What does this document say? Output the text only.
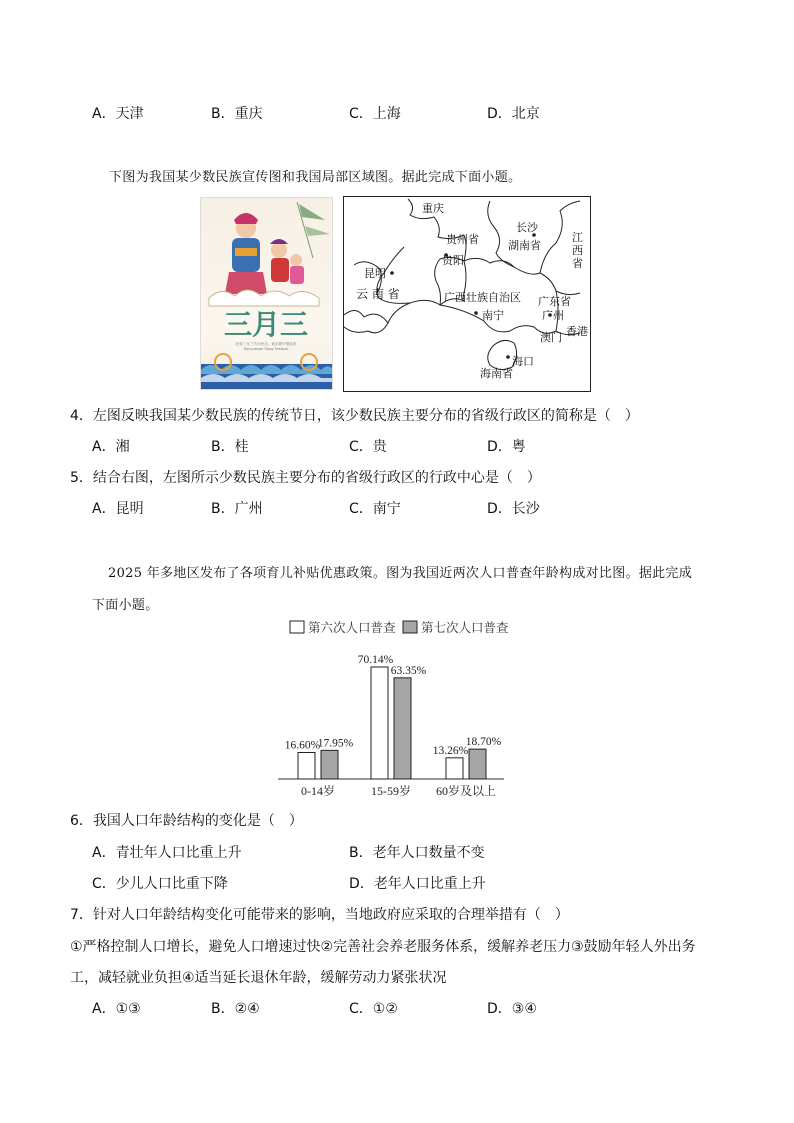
A．天津	B．重庆	C．上海	D．北京
下图为我国某少数民族宣传图和我国局部区域图。据此完成下面小题。
三月三
壮族三月三节日快乐，欢乐歌圩唱起来
Sanyuesan Song Festival
重庆
贵州省
贵阳
长沙
湖南省
江
西
省
昆明
云 南 省	广西壮族自治区 广东省
南宁	广州
香港
澳门
海口
海南省
4．左图反映我国某少数民族的传统节日，该少数民族主要分布的省级行政区的简称是（　）
A．湘	B．桂	C．贵	D．粤
5．结合右图，左图所示少数民族主要分布的省级行政区的行政中心是（　）
A．昆明	B．广州	C．南宁	D．长沙
2025 年多地区发布了各项育儿补贴优惠政策。图为我国近两次人口普查年龄构成对比图。据此完成
下面小题。
第六次人口普查 第七次人口普查
16.60%
17.95%
0-14岁
70.14%
63.35%
15-59岁
13.26%
18.70%
60岁及以上
6．我国人口年龄结构的变化是（　）
A．青壮年人口比重上升	B．老年人口数量不变
C．少儿人口比重下降	D．老年人口比重上升
7．针对人口年龄结构变化可能带来的影响，当地政府应采取的合理举措有（　）
①严格控制人口增长，避免人口增速过快②完善社会养老服务体系，缓解养老压力③鼓励年轻人外出务
工，减轻就业负担④适当延长退休年龄，缓解劳动力紧张状况
A．①③	B．②④	C．①②	D．③④
